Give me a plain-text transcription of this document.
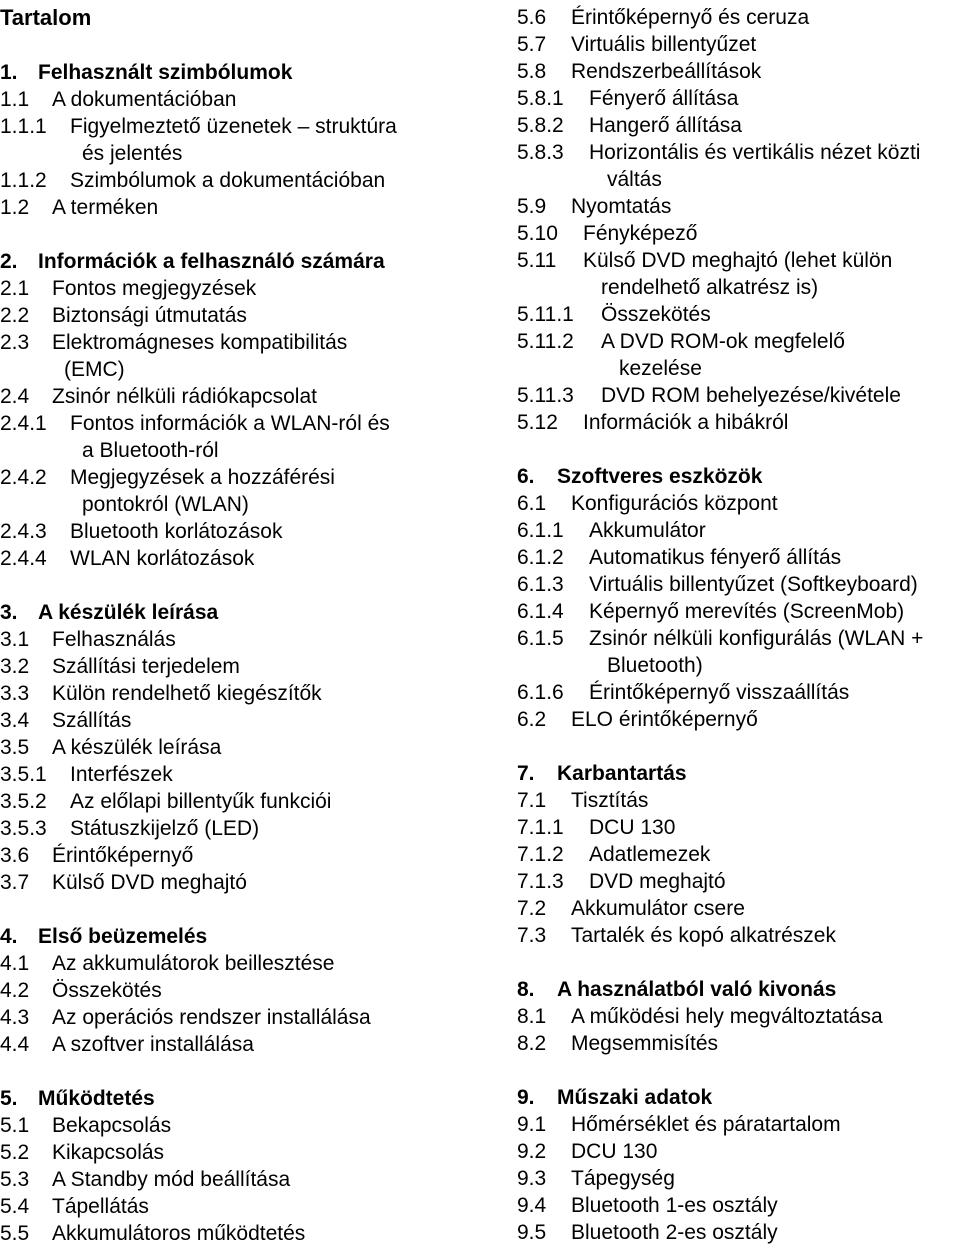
Tartalom
1. Felhasznált szimbólumok
1.1 A dokumentációban
1.1.1 Figyelmeztető üzenetek – struktúra
és jelentés
1.1.2 Szimbólumok a dokumentációban
1.2 A terméken
2. Információk a felhasználó számára
2.1 Fontos megjegyzések
2.2 Biztonsági útmutatás
2.3 Elektromágneses kompatibilitás
(EMC)
2.4 Zsinór nélküli rádiókapcsolat
2.4.1 Fontos információk a WLAN-ról és
a Bluetooth-ról
2.4.2 Megjegyzések a hozzáférési
pontokról (WLAN)
2.4.3 Bluetooth korlátozások
2.4.4 WLAN korlátozások
3. A készülék leírása
3.1 Felhasználás
3.2 Szállítási terjedelem
3.3 Külön rendelhető kiegészítők
3.4 Szállítás
3.5 A készülék leírása
3.5.1 Interfészek
3.5.2 Az előlapi billentyűk funkciói
3.5.3 Státuszkijelző (LED)
3.6 Érintőképernyő
3.7 Külső DVD meghajtó
4. Első beüzemelés
4.1 Az akkumulátorok beillesztése
4.2 Összekötés
4.3 Az operációs rendszer installálása
4.4 A szoftver installálása
5. Működtetés
5.1 Bekapcsolás
5.2 Kikapcsolás
5.3 A Standby mód beállítása
5.4 Tápellátás
5.5 Akkumulátoros működtetés
5.6 Érintőképernyő és ceruza
5.7 Virtuális billentyűzet
5.8 Rendszerbeállítások
5.8.1 Fényerő állítása
5.8.2 Hangerő állítása
5.8.3 Horizontális és vertikális nézet közti
váltás
5.9 Nyomtatás
5.10 Fényképező
5.11 Külső DVD meghajtó (lehet külön
rendelhető alkatrész is)
5.11.1 Összekötés
5.11.2 A DVD ROM-ok megfelelő
kezelése
5.11.3 DVD ROM behelyezése/kivétele
5.12 Információk a hibákról
6. Szoftveres eszközök
6.1 Konfigurációs központ
6.1.1 Akkumulátor
6.1.2 Automatikus fényerő állítás
6.1.3 Virtuális billentyűzet (Softkeyboard)
6.1.4 Képernyő merevítés (ScreenMob)
6.1.5 Zsinór nélküli konfigurálás (WLAN +
Bluetooth)
6.1.6 Érintőképernyő visszaállítás
6.2 ELO érintőképernyő
7. Karbantartás
7.1 Tisztítás
7.1.1 DCU 130
7.1.2 Adatlemezek
7.1.3 DVD meghajtó
7.2 Akkumulátor csere
7.3 Tartalék és kopó alkatrészek
8. A használatból való kivonás
8.1 A működési hely megváltoztatása
8.2 Megsemmisítés
9. Műszaki adatok
9.1 Hőmérséklet és páratartalom
9.2 DCU 130
9.3 Tápegység
9.4 Bluetooth 1-es osztály
9.5 Bluetooth 2-es osztály
